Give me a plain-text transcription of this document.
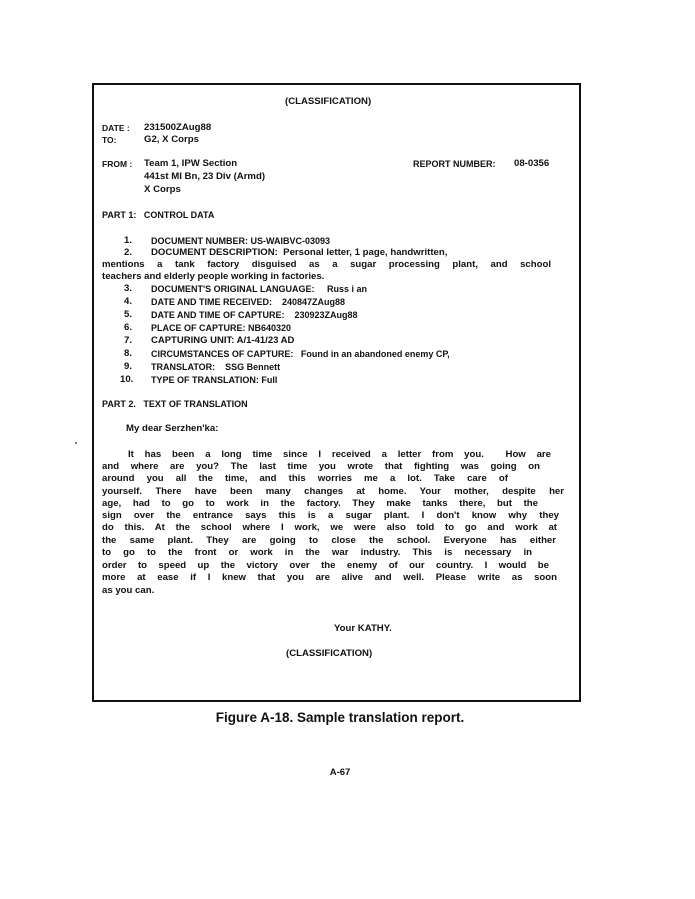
(CLASSIFICATION)
DATE : 231500ZAug88
TO:	G2, X Corps
FROM : Team 1, IPW Section
441st MI Bn, 23 Div (Armd)
X Corps
REPORT NUMBER: 08-0356
PART 1:   CONTROL DATA
1. DOCUMENT NUMBER: US-WAIBVC-03093
2. DOCUMENT DESCRIPTION:  Personal letter, 1 page, handwritten,
mentions a tank factory disguised as a sugar processing plant, and school
teachers and elderly people working in factories.
3. DOCUMENT'S ORIGINAL LANGUAGE:     Russ i an
4. DATE AND TIME RECEIVED:    240847ZAug88
5. DATE AND TIME OF CAPTURE:    230923ZAug88
6. PLACE OF CAPTURE: NB640320
7. CAPTURING UNIT: A/1-41/23 AD
8. CIRCUMSTANCES OF CAPTURE:   Found in an abandoned enemy CP,
9. TRANSLATOR:    SSG Bennett
10. TYPE OF TRANSLATION: Full
PART 2.   TEXT OF TRANSLATION
My dear Serzhen'ka:
It has been a long time since I received a letter from you.  How are
and where are you? The last time you wrote that fighting was going on
around you all the time, and this worries me a lot. Take care of
yourself. There have been many changes at home. Your mother, despite her
age, had to go to work in the factory. They make tanks there, but the
sign over the entrance says this is a sugar plant. I don't know why they
do this. At the school where I work, we were also told to go and work at
the same plant. They are going to close the school. Everyone has either
to go to the front or work in the war industry. This is necessary in
order to speed up the victory over the enemy of our country. I would be
more at ease if I knew that you are alive and well. Please write as soon
as you can.
Your KATHY.
(CLASSIFICATION)
Figure A-18. Sample translation report.
A-67
